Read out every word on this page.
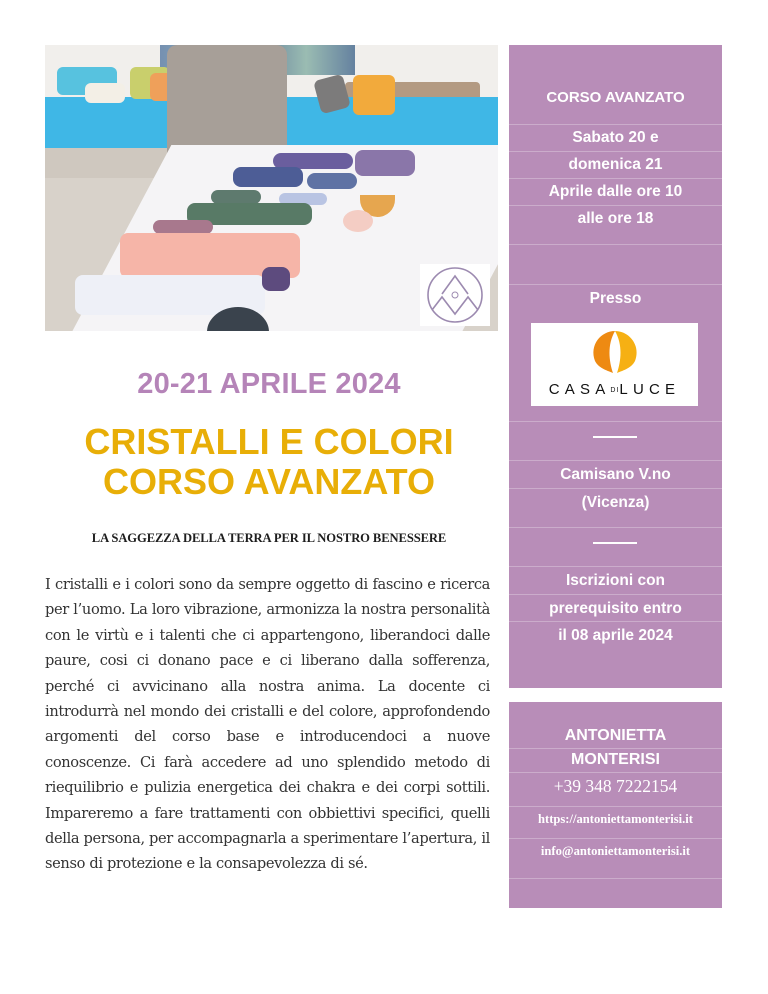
20-21 APRILE 2024
CRISTALLI E COLORI
CORSO AVANZATO
LA SAGGEZZA DELLA TERRA PER IL NOSTRO BENESSERE
I cristalli e i colori sono da sempre oggetto di fascino e ricerca per l’uomo. La loro vibrazione, armonizza la nostra personalità con le virtù e i talenti che ci appartengono, liberandoci dalle paure, cosi ci donano pace e ci liberano dalla sofferenza, perché ci avvicinano alla nostra anima. La docente ci introdurrà nel mondo dei cristalli e del colore, approfondendo argomenti del corso base e introducendoci a nuove conoscenze. Ci farà accedere ad uno splendido metodo di riequilibrio e pulizia energetica dei chakra e dei corpi sottili. Impareremo a fare trattamenti con obbiettivi specifici, quelli della persona, per accompagnarla a sperimentare l’apertura, il senso di protezione e la consapevolezza di sé.
CORSO AVANZATO
Sabato 20 e
domenica 21
Aprile dalle ore 10
alle ore 18
Presso
CASADILUCE
Camisano V.no
(Vicenza)
Iscrizioni con
prerequisito entro
il 08 aprile 2024
ANTONIETTA
MONTERISI
+39 348 7222154
https://antoniettamonterisi.it
info@antoniettamonterisi.it
